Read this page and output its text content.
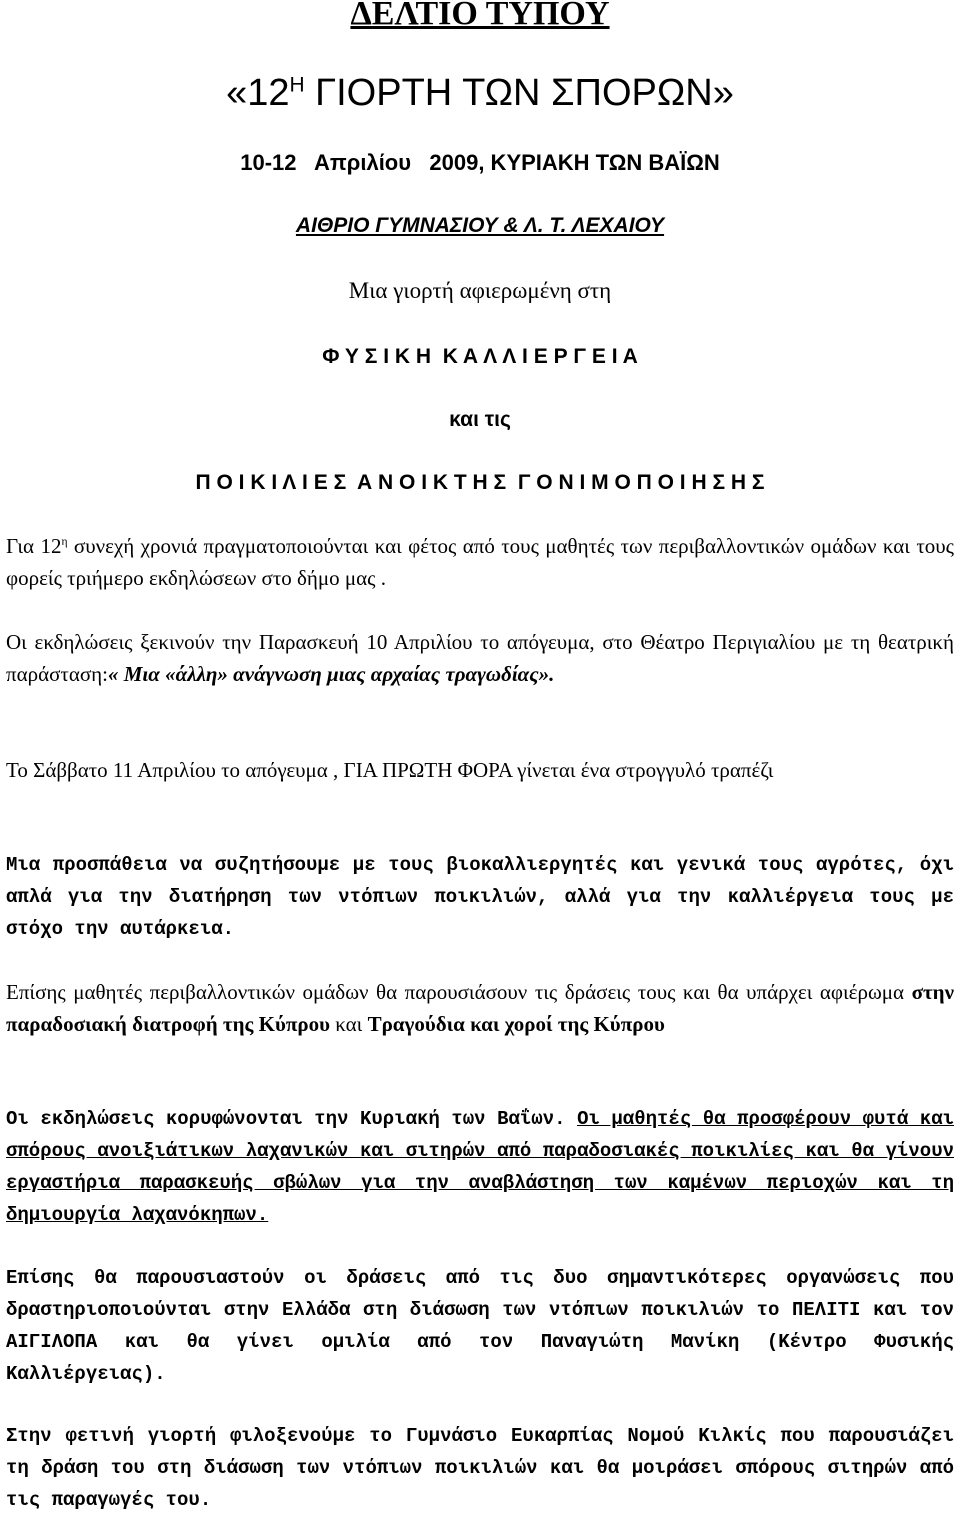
ΔΕΛΤΙΟ ΤΥΠΟΥ
«$12^H$ ΓΙΟΡΤΗ ΤΩΝ ΣΠΟΡΩΝ»
10-12   Απριλίου   2009, ΚΥΡΙΑΚΗ ΤΩΝ ΒΑΪΩΝ
ΑΙΘΡΙΟ ΓΥΜΝΑΣΙΟΥ & Λ. Τ. ΛΕΧΑΙΟΥ
Μια γιορτή αφιερωμένη στη
Φ Υ Σ Ι Κ Η  Κ Α Λ Λ Ι Ε Ρ Γ Ε Ι Α
και τις
Π Ο Ι Κ Ι Λ Ι Ε Σ  Α Ν Ο Ι Κ Τ Η Σ  Γ Ο Ν Ι Μ Ο Π Ο Ι Η Σ Η Σ
Για $12^\eta$ συνεχή χρονιά πραγματοποιούνται και φέτος από τους μαθητές των περιβαλλοντικών ομάδων και τους φορείς τριήμερο εκδηλώσεων στο δήμο μας .
Οι εκδηλώσεις ξεκινούν την Παρασκευή 10 Απριλίου το απόγευμα, στο Θέατρο Περιγιαλίου με τη θεατρική παράσταση:« Μια «άλλη» ανάγνωση μιας αρχαίας τραγωδίας».
Το Σάββατο 11 Απριλίου το απόγευμα , ΓΙΑ ΠΡΩΤΗ ΦΟΡΑ γίνεται ένα στρογγυλό τραπέζι
Μια προσπάθεια να συζητήσουμε με τους βιοκαλλιεργητές και γενικά τους αγρότες, όχι απλά για την διατήρηση των ντόπιων ποικιλιών, αλλά για την καλλιέργεια τους με στόχο την αυτάρκεια.
Επίσης μαθητές περιβαλλοντικών ομάδων θα παρουσιάσουν τις δράσεις τους και θα υπάρχει αφιέρωμα στην παραδοσιακή διατροφή της Κύπρου και Τραγούδια και χοροί της Κύπρου
Οι εκδηλώσεις κορυφώνονται την Κυριακή των Βαΐων. Οι μαθητές θα προσφέρουν φυτά και σπόρους ανοιξιάτικων λαχανικών και σιτηρών από παραδοσιακές ποικιλίες και θα γίνουν εργαστήρια παρασκευής σβώλων για την αναβλάστηση των καμένων περιοχών και τη δημιουργία λαχανόκηπων.
Επίσης θα παρουσιαστούν οι δράσεις από τις δυο σημαντικότερες οργανώσεις που δραστηριοποιούνται στην Ελλάδα στη διάσωση των ντόπιων ποικιλιών το ΠΕΛΙΤΙ και τον ΑΙΓΙΛΟΠΑ και θα γίνει ομιλία από τον Παναγιώτη Μανίκη (Κέντρο Φυσικής Καλλιέργειας).
Στην φετινή γιορτή φιλοξενούμε το Γυμνάσιο Ευκαρπίας Νομού Κιλκίς που παρουσιάζει τη δράση του στη διάσωση των ντόπιων ποικιλιών και θα μοιράσει σπόρους σιτηρών από τις παραγωγές του.
